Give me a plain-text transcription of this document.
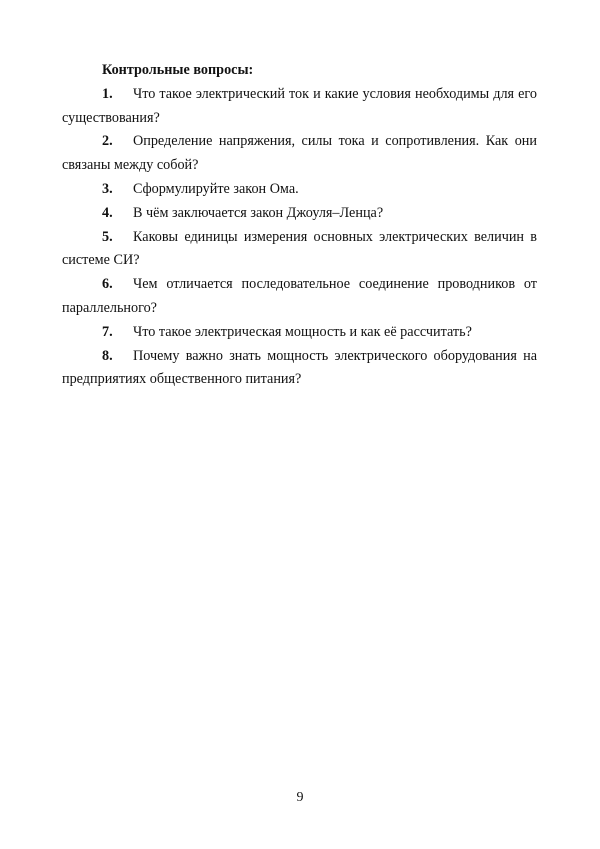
Контрольные вопросы:

1. Что такое электрический ток и какие условия необходимы для его существования?

2. Определение напряжения, силы тока и сопротивления. Как они связаны между собой?

3. Сформулируйте закон Ома.

4. В чём заключается закон Джоуля–Ленца?

5. Каковы единицы измерения основных электрических величин в системе СИ?

6. Чем отличается последовательное соединение проводников от параллельного?

7. Что такое электрическая мощность и как её рассчитать?

8. Почему важно знать мощность электрического оборудования на предприятиях общественного питания?

9
